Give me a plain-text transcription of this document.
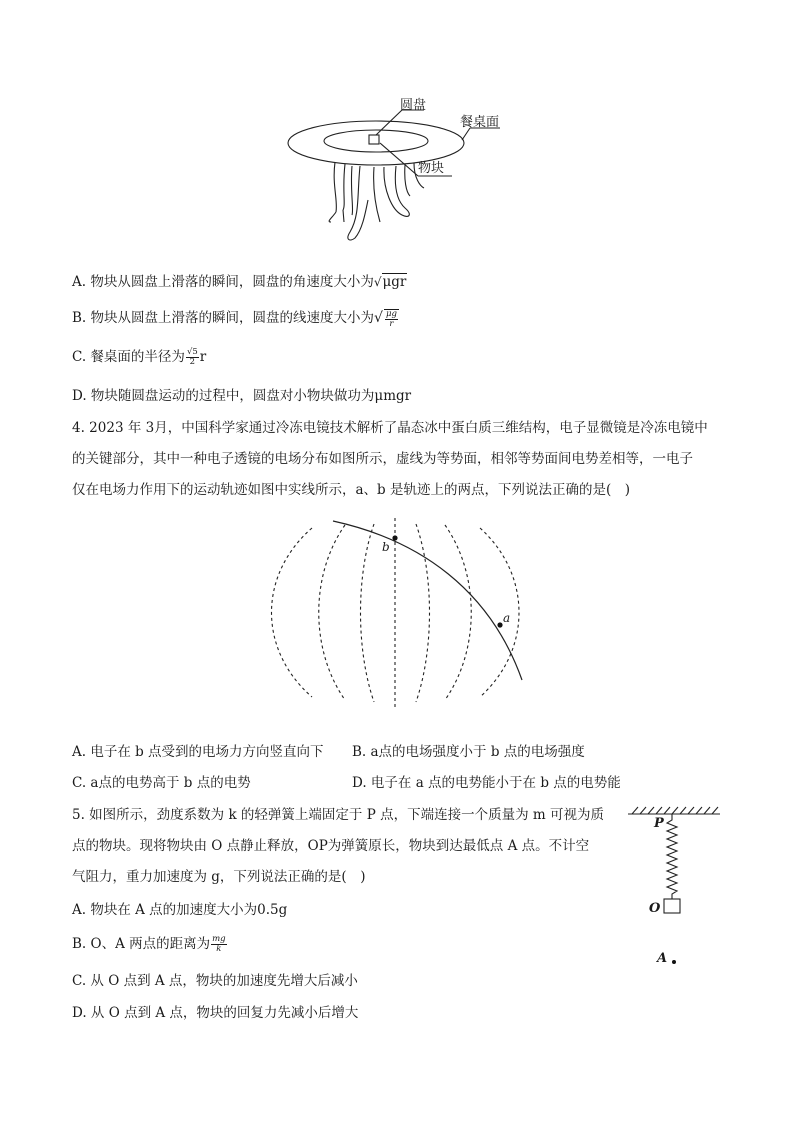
圆盘
餐桌面
物块
A. 物块从圆盘上滑落的瞬间，圆盘的角速度大小为√μgr
B. 物块从圆盘上滑落的瞬间，圆盘的线速度大小为√ $\frac{\mu g}{r}$
C. 餐桌面的半径为 $\frac{√5}{2}$ r
D. 物块随圆盘运动的过程中，圆盘对小物块做功为μmgr
4. 2023 年 3月，中国科学家通过冷冻电镜技术解析了晶态冰中蛋白质三维结构，电子显微镜是冷冻电镜中
的关键部分，其中一种电子透镜的电场分布如图所示，虚线为等势面，相邻等势面间电势差相等，一电子
仅在电场力作用下的运动轨迹如图中实线所示，a、b 是轨迹上的两点，下列说法正确的是(　)
b
a
A. 电子在 b 点受到的电场力方向竖直向下 B. a点的电场强度小于 b 点的电场强度
C. a点的电势高于 b 点的电势	D. 电子在 a 点的电势能小于在 b 点的电势能
5. 如图所示，劲度系数为 k 的轻弹簧上端固定于 P 点，下端连接一个质量为 m 可视为质
点的物块。现将物块由 O 点静止释放，OP为弹簧原长，物块到达最低点 A 点。不计空
气阻力，重力加速度为 g，下列说法正确的是(　)
P
O
A
A. 物块在 A 点的加速度大小为0.5g
B. O、A 两点的距离为 $\frac{mg}{k}$
C. 从 O 点到 A 点，物块的加速度先增大后减小
D. 从 O 点到 A 点，物块的回复力先减小后增大
